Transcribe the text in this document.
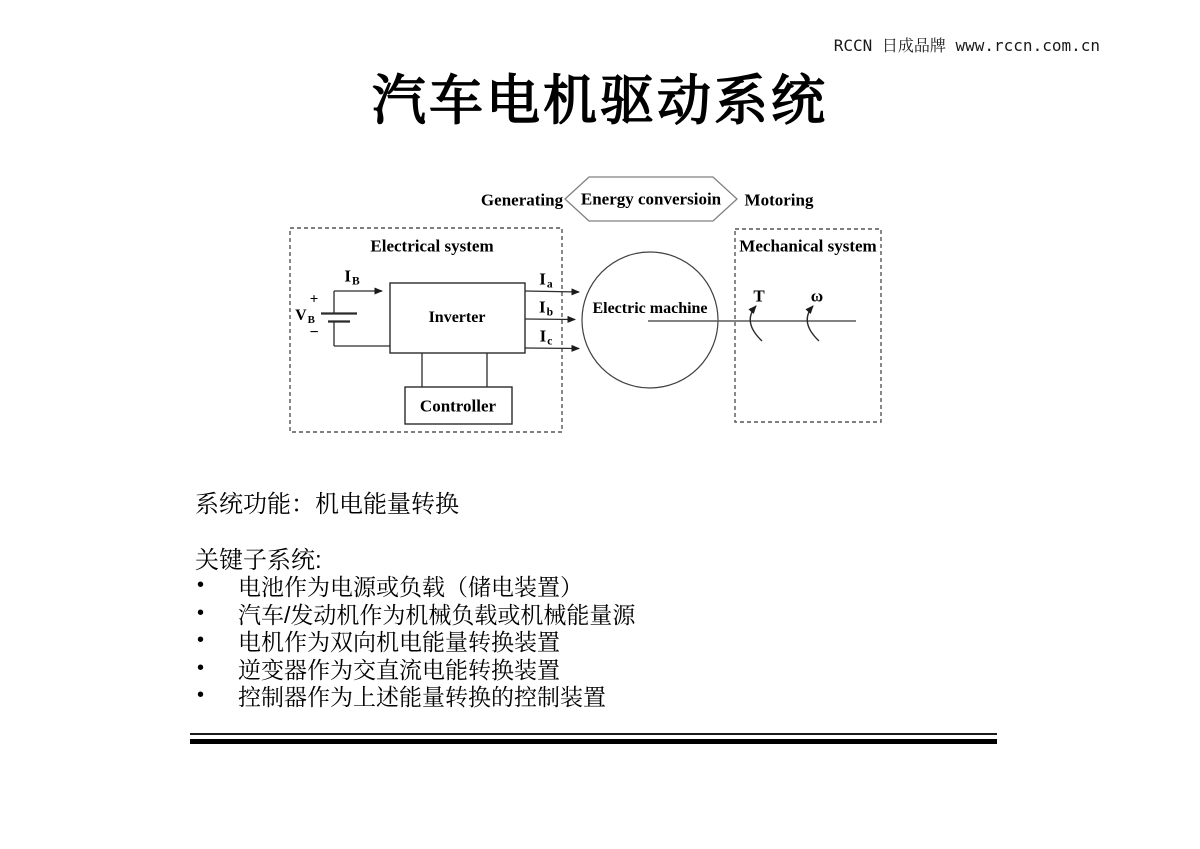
RCCN 日成品牌 www.rccn.com.cn
汽车电机驱动系统
Generating Energy conversioin Motoring
Electrical system	Mechanical system
Inverter
Controller
Electric machine
+
$V_B$
−
$I_B$	$I_a$
$I_b$
$I_c$
T	ω
系统功能：机电能量转换
关键子系统:
•	电池作为电源或负载（储电装置）
•	汽车/发动机作为机械负载或机械能量源
•	电机作为双向机电能量转换装置
•	逆变器作为交直流电能转换装置
•	控制器作为上述能量转换的控制装置
